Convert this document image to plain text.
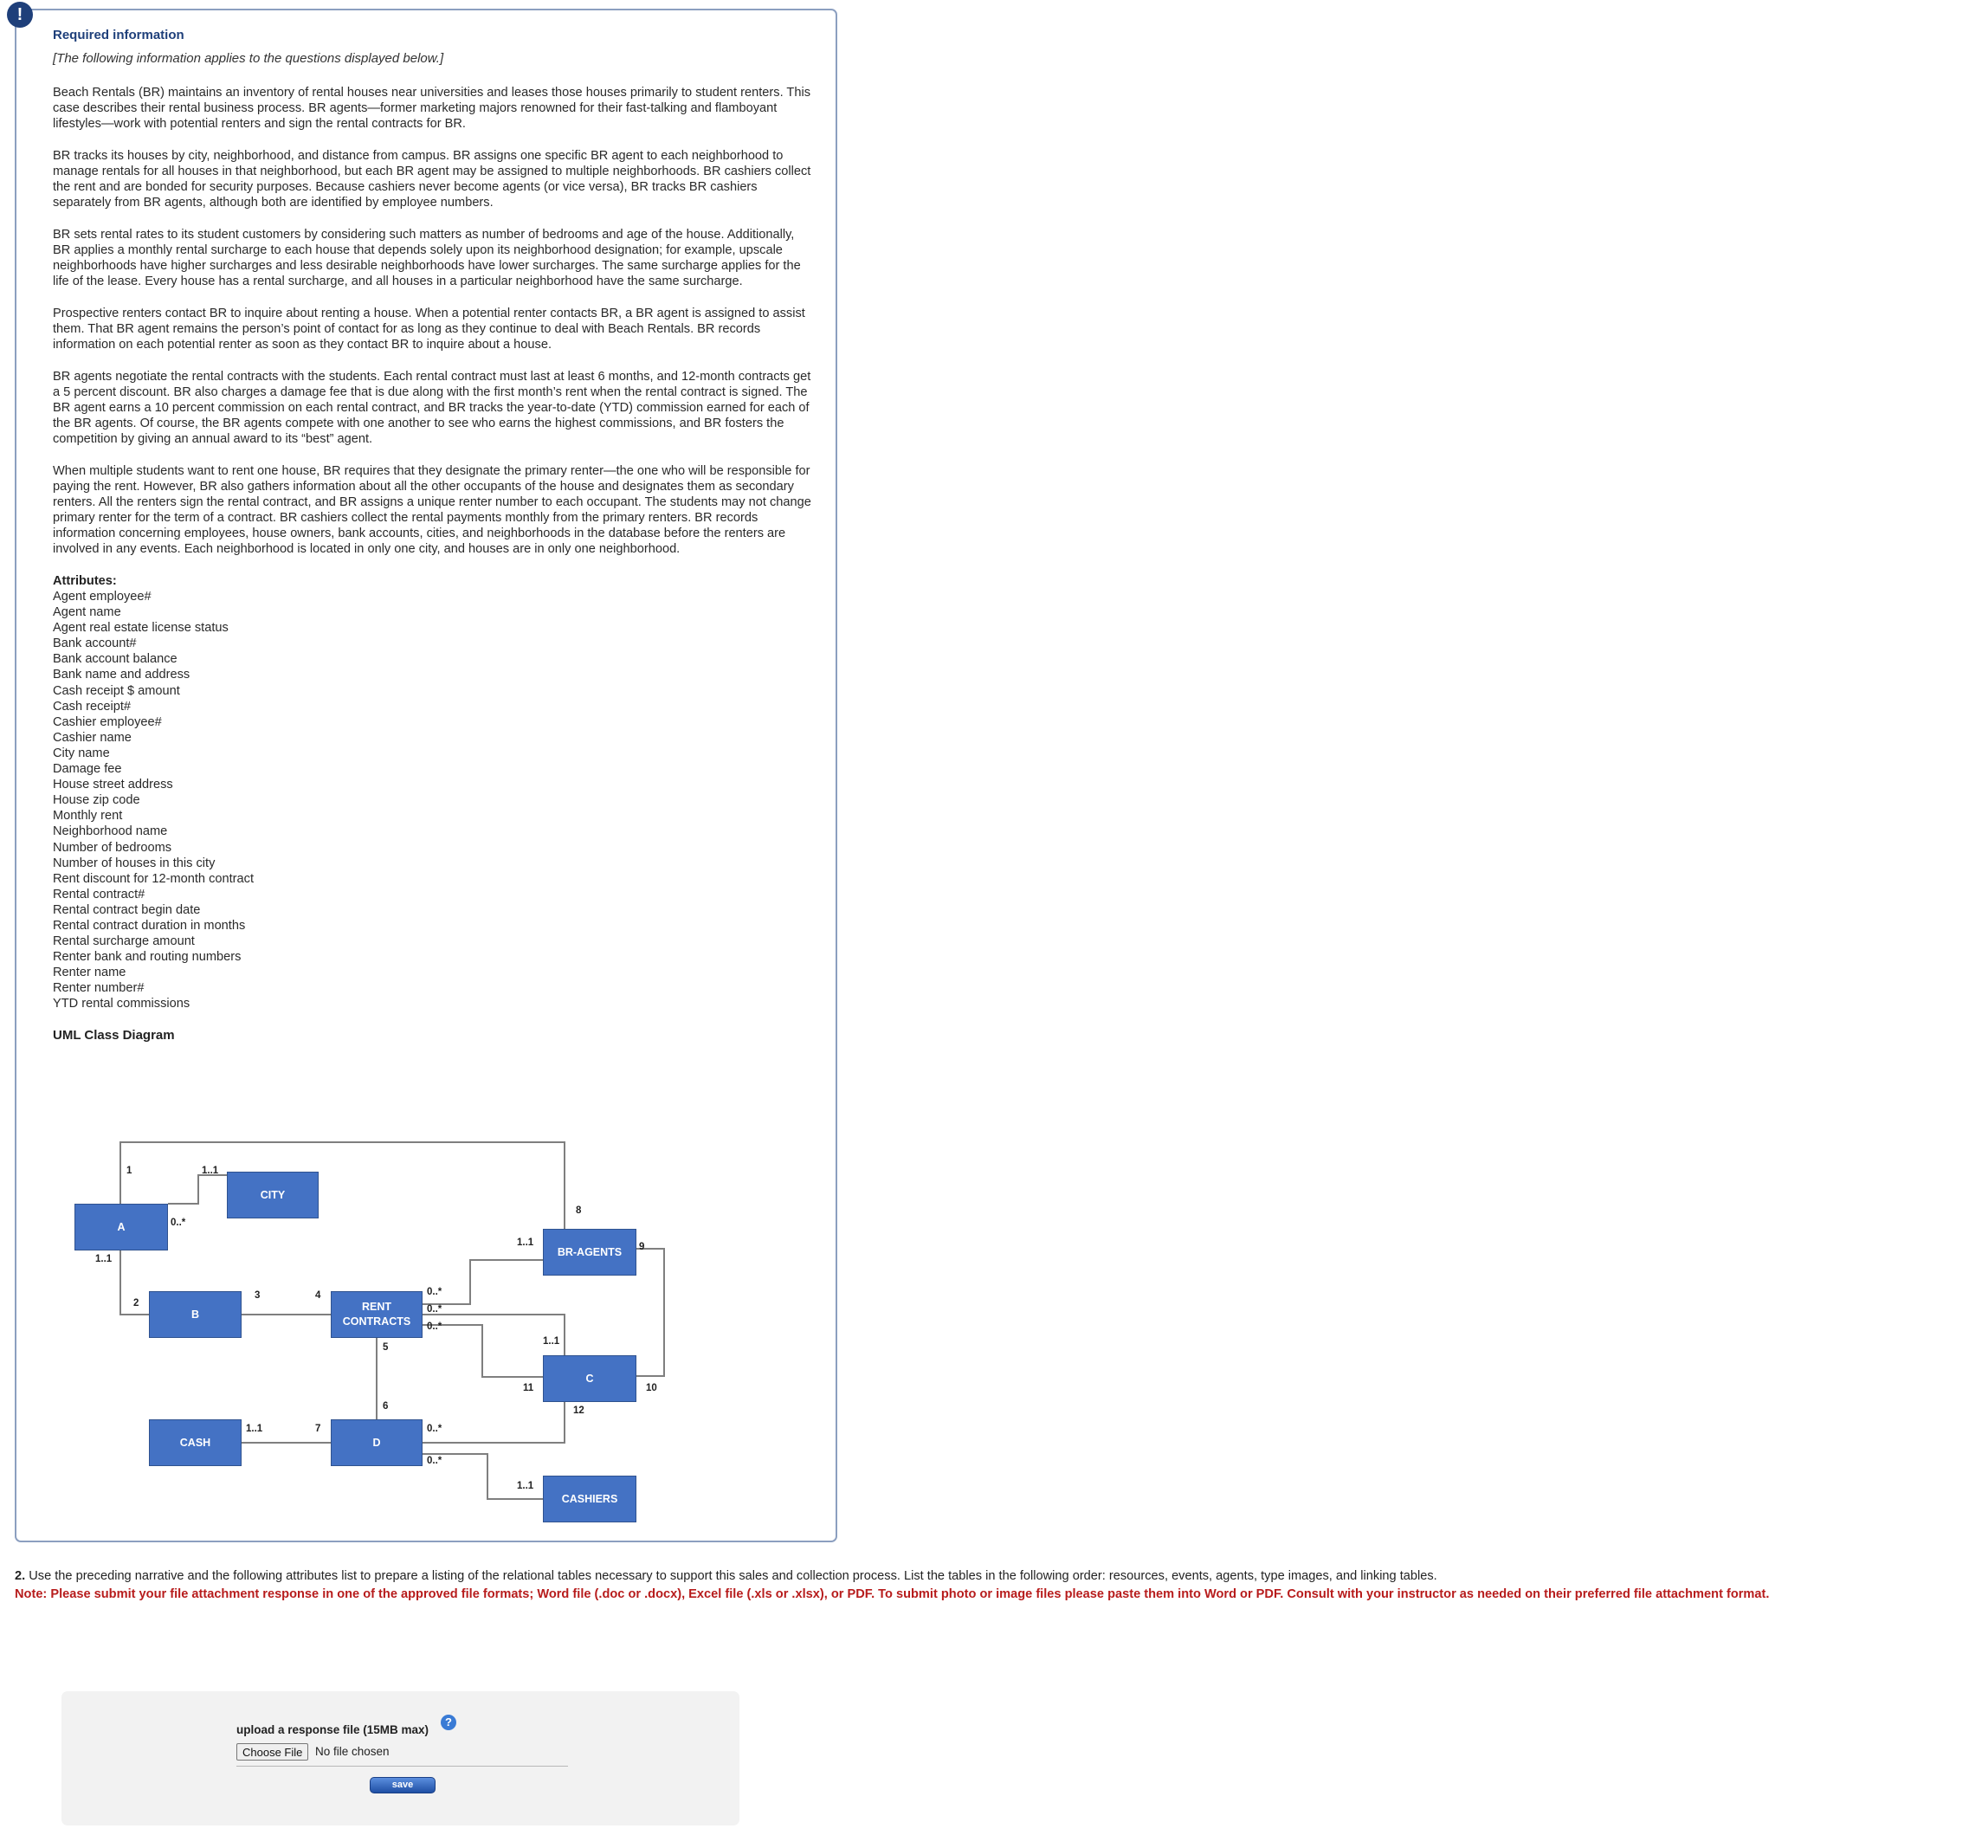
!
Required information
[The following information applies to the questions displayed below.]

Beach Rentals (BR) maintains an inventory of rental houses near universities and leases those houses primarily to student renters. This case describes their rental business process. BR agents—former marketing majors renowned for their fast-talking and flamboyant lifestyles—work with potential renters and sign the rental contracts for BR.

BR tracks its houses by city, neighborhood, and distance from campus. BR assigns one specific BR agent to each neighborhood to manage rentals for all houses in that neighborhood, but each BR agent may be assigned to multiple neighborhoods. BR cashiers collect the rent and are bonded for security purposes. Because cashiers never become agents (or vice versa), BR tracks BR cashiers separately from BR agents, although both are identified by employee numbers.

BR sets rental rates to its student customers by considering such matters as number of bedrooms and age of the house. Additionally, BR applies a monthly rental surcharge to each house that depends solely upon its neighborhood designation; for example, upscale neighborhoods have higher surcharges and less desirable neighborhoods have lower surcharges. The same surcharge applies for the life of the lease. Every house has a rental surcharge, and all houses in a particular neighborhood have the same surcharge.

Prospective renters contact BR to inquire about renting a house. When a potential renter contacts BR, a BR agent is assigned to assist them. That BR agent remains the person’s point of contact for as long as they continue to deal with Beach Rentals. BR records information on each potential renter as soon as they contact BR to inquire about a house.

BR agents negotiate the rental contracts with the students. Each rental contract must last at least 6 months, and 12-month contracts get a 5 percent discount. BR also charges a damage fee that is due along with the first month’s rent when the rental contract is signed. The BR agent earns a 10 percent commission on each rental contract, and BR tracks the year-to-date (YTD) commission earned for each of the BR agents. Of course, the BR agents compete with one another to see who earns the highest commissions, and BR fosters the competition by giving an annual award to its “best” agent.

When multiple students want to rent one house, BR requires that they designate the primary renter—the one who will be responsible for paying the rent. However, BR also gathers information about all the other occupants of the house and designates them as secondary renters. All the renters sign the rental contract, and BR assigns a unique renter number to each occupant. The students may not change primary renter for the term of a contract. BR cashiers collect the rental payments monthly from the primary renters. BR records information concerning employees, house owners, bank accounts, cities, and neighborhoods in the database before the renters are involved in any events. Each neighborhood is located in only one city, and houses are in only one neighborhood.

Attributes:
Agent employee#
Agent name
Agent real estate license status
Bank account#
Bank account balance
Bank name and address
Cash receipt $ amount
Cash receipt#
Cashier employee#
Cashier name
City name
Damage fee
House street address
House zip code
Monthly rent
Neighborhood name
Number of bedrooms
Number of houses in this city
Rent discount for 12-month contract
Rental contract#
Rental contract begin date
Rental contract duration in months
Rental surcharge amount
Renter bank and routing numbers
Renter name
Renter number#
YTD rental commissions
UML Class Diagram
A
CITY
BR-AGENTS
B
RENT
CONTRACTS
C
CASH	D
CASHIERS
1	1..1
0..*
1..1
8
1..1	9
2
3	4	0..*
0..*
0..*
1..1
5
11	10
12
6
1..1	7	0..*
0..*
1..1
2. Use the preceding narrative and the following attributes list to prepare a listing of the relational tables necessary to support this sales and collection process. List the tables in the following order: resources, events, agents, type images, and linking tables.
Note: Please submit your file attachment response in one of the approved file formats; Word file (.doc or .docx), Excel file (.xls or .xlsx), or PDF. To submit photo or image files please paste them into Word or PDF. Consult with your instructor as needed on their preferred file attachment format.
upload a response file (15MB max)
?
Choose File	No file chosen
save
